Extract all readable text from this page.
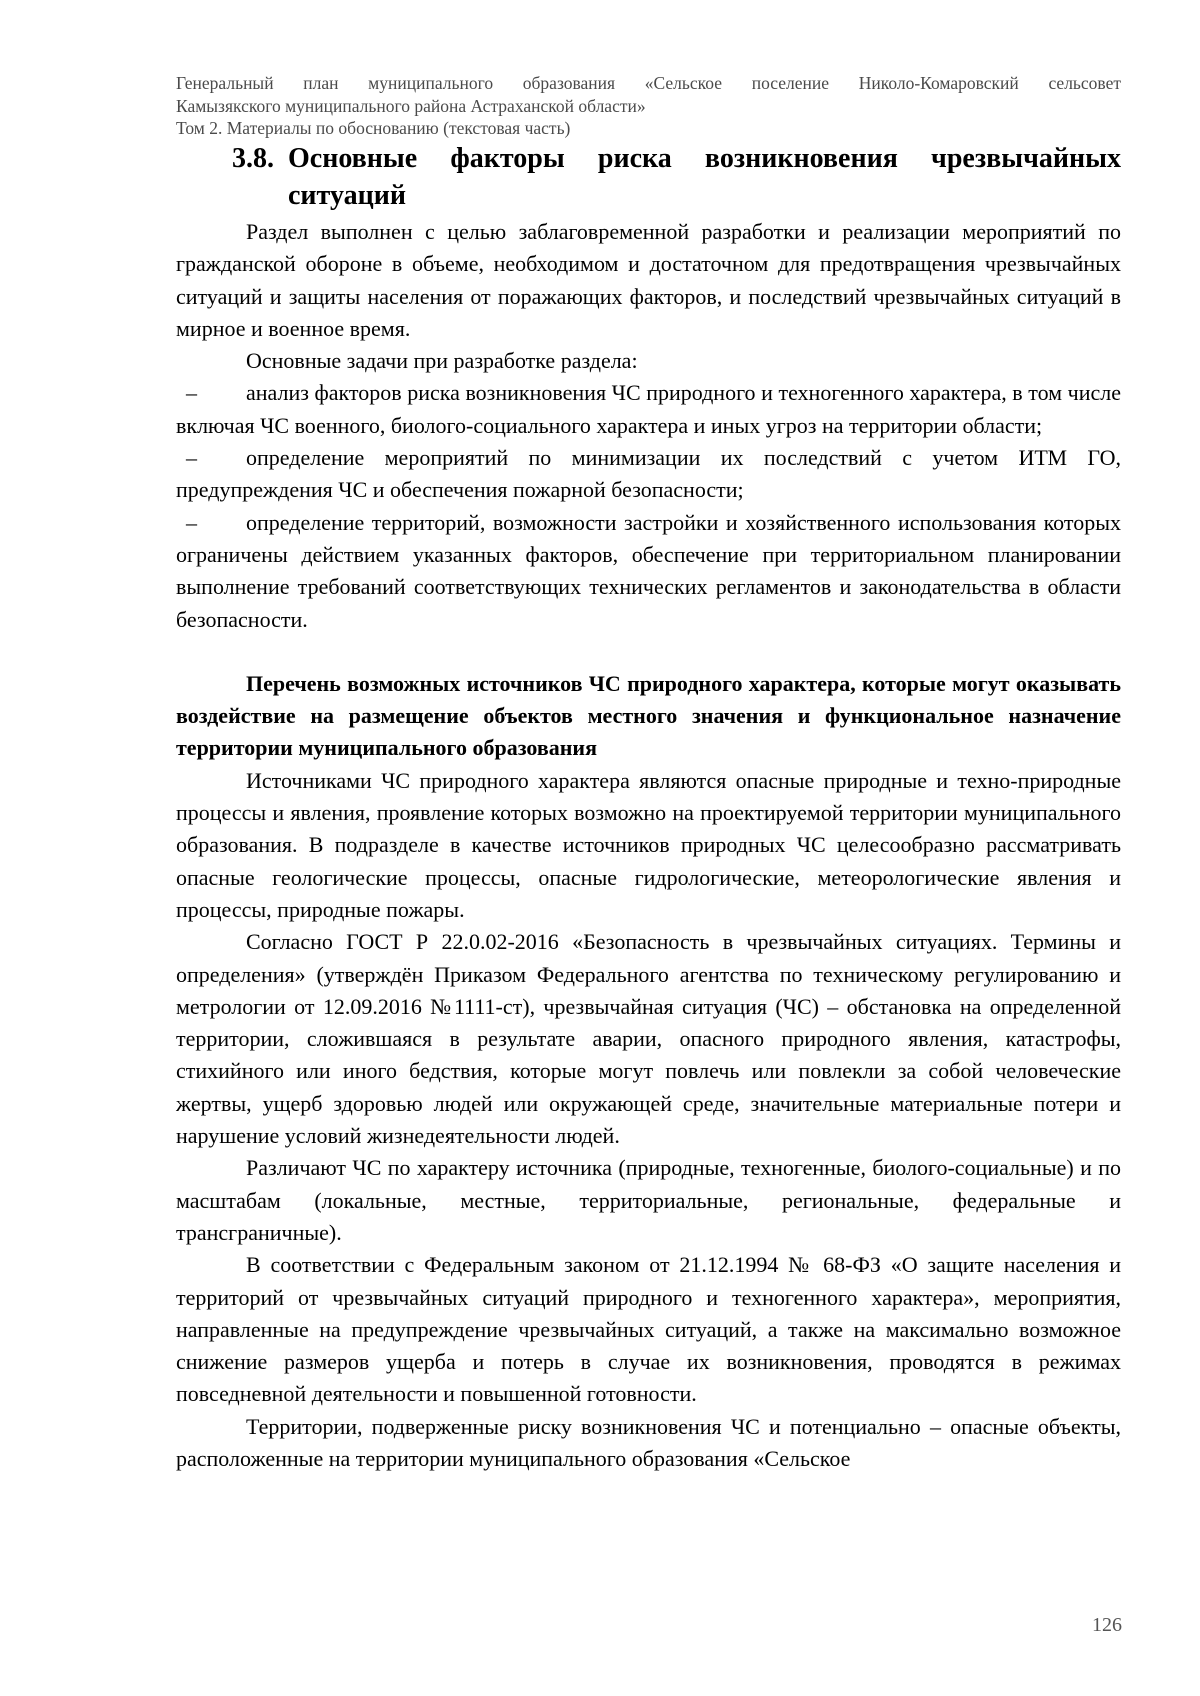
Генеральный план муниципального образования «Сельское поселение Николо-Комаровский сельсовет
Камызякского муниципального района Астраханской области»
Том 2. Материалы по обоснованию (текстовая часть)
3.8. Основные факторы риска возникновения чрезвычайных
ситуаций

Раздел выполнен с целью заблаговременной разработки и реализации мероприятий по гражданской обороне в объеме, необходимом и достаточном для предотвращения чрезвычайных ситуаций и защиты населения от поражающих факторов, и последствий чрезвычайных ситуаций в мирное и военное время.

Основные задачи при разработке раздела:

– анализ факторов риска возникновения ЧС природного и техногенного характера, в том числе включая ЧС военного, биолого-социального характера и иных угроз на территории области;
– определение мероприятий по минимизации их последствий с учетом ИТМ ГО, предупреждения ЧС и обеспечения пожарной безопасности;
– определение территорий, возможности застройки и хозяйственного использования которых ограничены действием указанных факторов, обеспечение при территориальном планировании выполнение требований соответствующих технических регламентов и законодательства в области безопасности.

Перечень возможных источников ЧС природного характера, которые могут оказывать воздействие на размещение объектов местного значения и функциональное назначение территории муниципального образования

Источниками ЧС природного характера являются опасные природные и техно-природные процессы и явления, проявление которых возможно на проектируемой территории муниципального образования. В подразделе в качестве источников природных ЧС целесообразно рассматривать опасные геологические процессы, опасные гидрологические, метеорологические явления и процессы, природные пожары.

Согласно ГОСТ Р 22.0.02-2016 «Безопасность в чрезвычайных ситуациях. Термины и определения» (утверждён Приказом Федерального агентства по техническому регулированию и метрологии от 12.09.2016 №1111-ст), чрезвычайная ситуация (ЧС) – обстановка на определенной территории, сложившаяся в результате аварии, опасного природного явления, катастрофы, стихийного или иного бедствия, которые могут повлечь или повлекли за собой человеческие жертвы, ущерб здоровью людей или окружающей среде, значительные материальные потери и нарушение условий жизнедеятельности людей.

Различают ЧС по характеру источника (природные, техногенные, биолого-социальные) и по масштабам (локальные, местные, территориальные, региональные, федеральные и трансграничные).

В соответствии с Федеральным законом от 21.12.1994 № 68-ФЗ «О защите населения и территорий от чрезвычайных ситуаций природного и техногенного характера», мероприятия, направленные на предупреждение чрезвычайных ситуаций, а также на максимально возможное снижение размеров ущерба и потерь в случае их возникновения, проводятся в режимах повседневной деятельности и повышенной готовности.

Территории, подверженные риску возникновения ЧС и потенциально – опасные объекты, расположенные на территории муниципального образования «Сельское

126
